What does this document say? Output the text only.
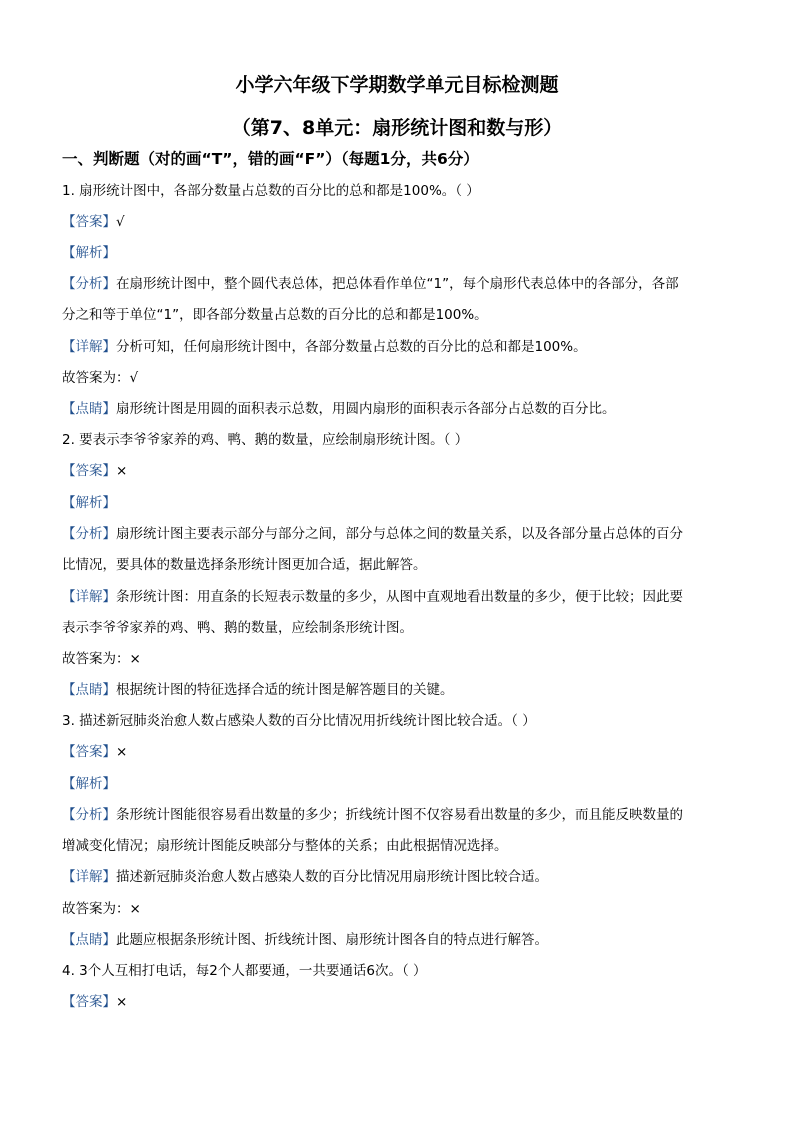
小学六年级下学期数学单元目标检测题
（第7、8单元：扇形统计图和数与形）
一、判断题（对的画“T”，错的画“F”）（每题1分，共6分）
1. 扇形统计图中，各部分数量占总数的百分比的总和都是100%。（ ）
【答案】√
【解析】
【分析】在扇形统计图中，整个圆代表总体，把总体看作单位“1”，每个扇形代表总体中的各部分，各部
分之和等于单位“1”，即各部分数量占总数的百分比的总和都是100%。
【详解】分析可知，任何扇形统计图中，各部分数量占总数的百分比的总和都是100%。
故答案为：√
【点睛】扇形统计图是用圆的面积表示总数，用圆内扇形的面积表示各部分占总数的百分比。
2. 要表示李爷爷家养的鸡、鸭、鹅的数量，应绘制扇形统计图。（ ）
【答案】×
【解析】
【分析】扇形统计图主要表示部分与部分之间，部分与总体之间的数量关系，以及各部分量占总体的百分
比情况，要具体的数量选择条形统计图更加合适，据此解答。
【详解】条形统计图：用直条的长短表示数量的多少，从图中直观地看出数量的多少，便于比较；因此要
表示李爷爷家养的鸡、鸭、鹅的数量，应绘制条形统计图。
故答案为：×
【点睛】根据统计图的特征选择合适的统计图是解答题目的关键。
3. 描述新冠肺炎治愈人数占感染人数的百分比情况用折线统计图比较合适。（ ）
【答案】×
【解析】
【分析】条形统计图能很容易看出数量的多少；折线统计图不仅容易看出数量的多少，而且能反映数量的
增减变化情况；扇形统计图能反映部分与整体的关系；由此根据情况选择。
【详解】描述新冠肺炎治愈人数占感染人数的百分比情况用扇形统计图比较合适。
故答案为：×
【点睛】此题应根据条形统计图、折线统计图、扇形统计图各自的特点进行解答。
4. 3个人互相打电话，每2个人都要通，一共要通话6次。（ ）
【答案】×
